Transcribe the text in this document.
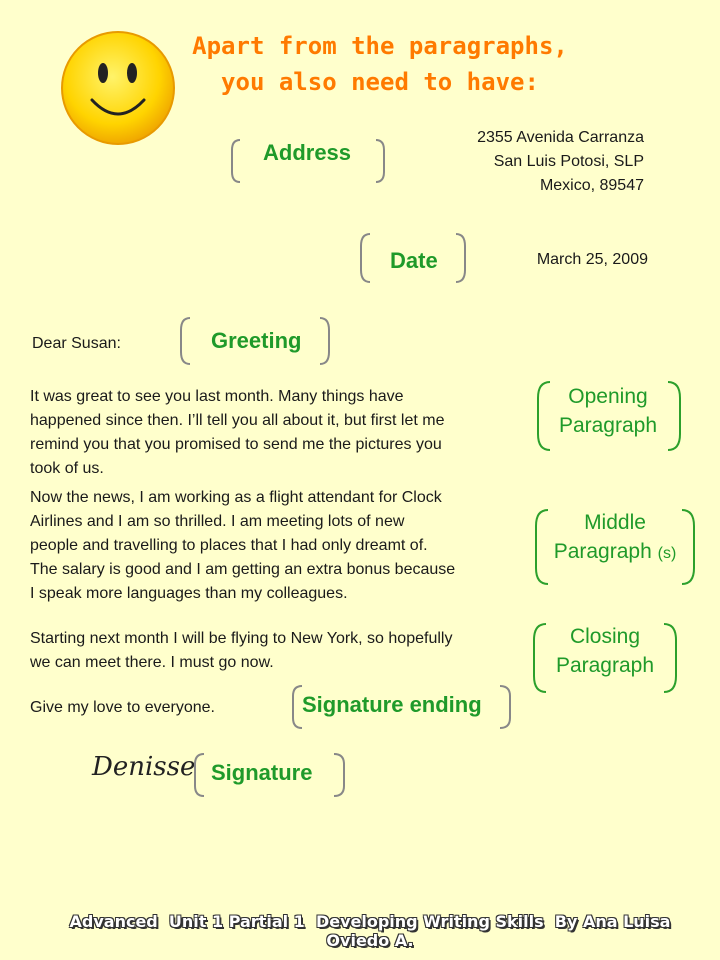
Apart from the paragraphs,
you also need to have:
Address
2355 Avenida Carranza
San Luis Potosi, SLP
Mexico, 89547
Date	March 25, 2009
Dear Susan:	Greeting
It was great to see you last month. Many things have
happened since then. I’ll tell you all about it, but first let me
remind you that you promised to send me the pictures you
took of us.
Opening
Paragraph
Now the news, I am working as a flight attendant for Clock
Airlines and I am so thrilled. I am meeting lots of new
people and travelling to places that I had only dreamt of.
The salary is good and I am getting an extra bonus because
I speak more languages than my colleagues.
Middle
Paragraph (s)
Starting next month I will be flying to New York, so hopefully
we can meet there. I must go now.
Closing
Paragraph
Give my love to everyone.	Signature ending
Denisse Signature
Advanced Unit 1 Partial 1 Developing Writing Skills By Ana Luisa Oviedo A.
